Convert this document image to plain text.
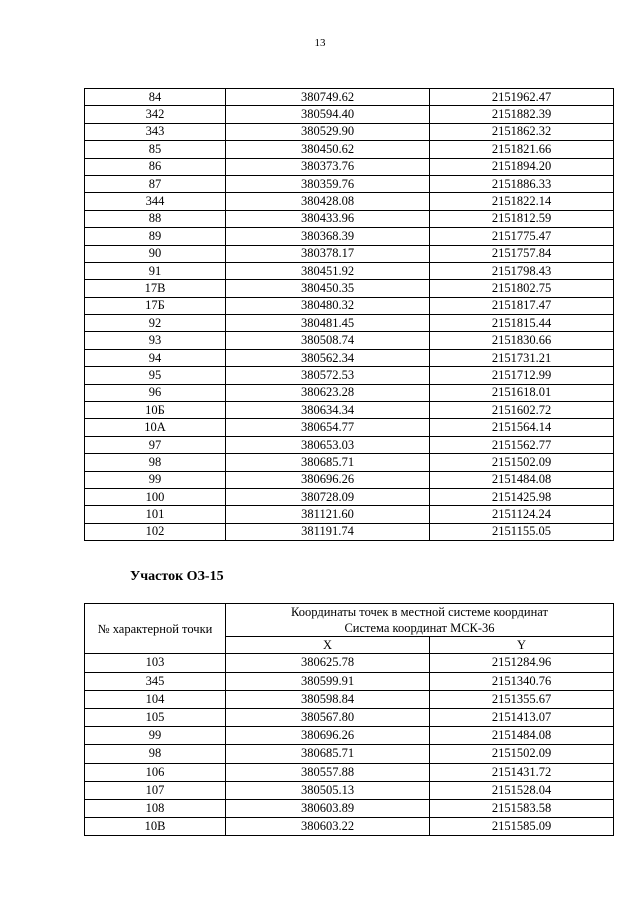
13
84	380749.62	2151962.47
342	380594.40	2151882.39
343	380529.90	2151862.32
85	380450.62	2151821.66
86	380373.76	2151894.20
87	380359.76	2151886.33
344	380428.08	2151822.14
88	380433.96	2151812.59
89	380368.39	2151775.47
90	380378.17	2151757.84
91	380451.92	2151798.43
17В	380450.35	2151802.75
17Б	380480.32	2151817.47
92	380481.45	2151815.44
93	380508.74	2151830.66
94	380562.34	2151731.21
95	380572.53	2151712.99
96	380623.28	2151618.01
10Б	380634.34	2151602.72
10А	380654.77	2151564.14
97	380653.03	2151562.77
98	380685.71	2151502.09
99	380696.26	2151484.08
100	380728.09	2151425.98
101	381121.60	2151124.24
102	381191.74	2151155.05
Участок ОЗ-15
№ характерной точки	Координаты точек в местной системе координат
Система координат МСК-36	

	X	Y
103	380625.78	2151284.96
345	380599.91	2151340.76
104	380598.84	2151355.67
105	380567.80	2151413.07
99	380696.26	2151484.08
98	380685.71	2151502.09
106	380557.88	2151431.72
107	380505.13	2151528.04
108	380603.89	2151583.58
10В	380603.22	2151585.09
